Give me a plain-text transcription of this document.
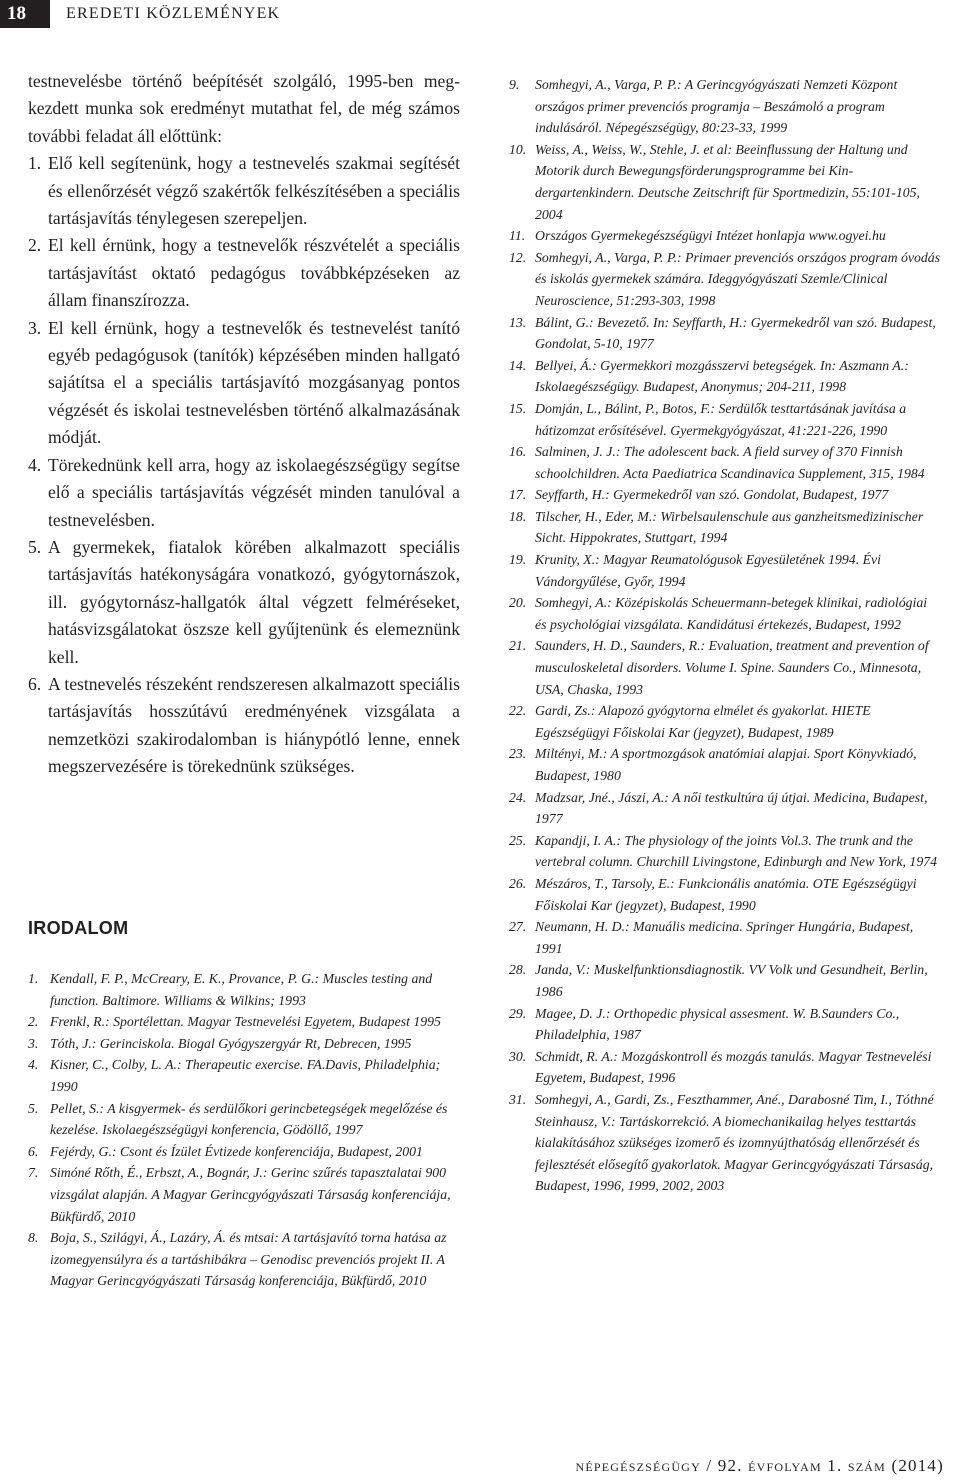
18	EREDETI KÖZLEMÉNYEK

testnevelésbe történő beépítését szolgáló, 1995-ben megkezdett munka sok eredményt mutathat fel, de még számos további feladat áll előttünk:

1. Elő kell segítenünk, hogy a testnevelés szakmai segítését és ellenőrzését végző szakértők felkészítésében a speciális tartásjavítás ténylegesen szerepeljen.
2. El kell érnünk, hogy a testnevelők részvételét a speciális tartásjavítást oktató pedagógus továbbképzéseken az állam finanszírozza.
3. El kell érnünk, hogy a testnevelők és testnevelést tanító egyéb pedagógusok (tanítók) képzésében minden hallgató sajátítsa el a speciális tartásjavító mozgásanyag pontos végzését és iskolai testnevelésben történő alkalmazásának módját.
4. Törekednünk kell arra, hogy az iskolaegészségügy segítse elő a speciális tartásjavítás végzését minden tanulóval a testnevelésben.
5. A gyermekek, fiatalok körében alkalmazott speciális tartásjavítás hatékonyságára vonatkozó, gyógytornászok, ill. gyógytornász-hallgatók által végzett felméréseket, hatásvizsgálatokat öszsze kell gyűjtenünk és elemeznünk kell.
6. A testnevelés részeként rendszeresen alkalmazott speciális tartásjavítás hosszútávú eredményének vizsgálata a nemzetközi szakirodalomban is hiánypótló lenne, ennek megszervezésére is törekednünk szükséges.
IRODALOM
1. Kendall, F. P., McCreary, E. K., Provance, P. G.: Muscles testing and function. Baltimore. Williams & Wilkins; 1993
2. Frenkl, R.: Sportélettan. Magyar Testnevelési Egyetem, Budapest 1995
3. Tóth, J.: Gerinciskola. Biogal Gyógyszergyár Rt, Debrecen, 1995
4. Kisner, C., Colby, L. A.: Therapeutic exercise. FA.Davis, Philadelphia; 1990
5. Pellet, S.: A kisgyermek- és serdülőkori gerincbetegségek megelőzése és kezelése. Iskolaegészségügyi konferencia, Gödöllő, 1997
6. Fejérdy, G.: Csont és Ízület Évtizede konferenciája, Budapest, 2001
7. Simóné Rőth, É., Erbszt, A., Bognár, J.: Gerinc szűrés tapasztalatai 900 vizsgálat alapján. A Magyar Gerincgyógyászati Társaság konferenciája, Bükfürdő, 2010
8. Boja, S., Szilágyi, Á., Lazáry, Á. és mtsai: A tartásjavító torna hatása az izomegyensúlyra és a tartáshibákra – Genodisc prevenciós projekt II. A Magyar Gerincgyógyászati Társaság konferenciája, Bükfürdő, 2010
9. Somhegyi, A., Varga, P. P.: A Gerincgyógyászati Nemzeti Központ országos primer prevenciós programja – Beszámoló a program indulásáról. Népegészségügy, 80:23-33, 1999
10. Weiss, A., Weiss, W., Stehle, J. et al: Beeinflussung der Haltung und Motorik durch Bewegungsförderungsprogramme bei Kindergartenkindern. Deutsche Zeitschrift für Sportmedizin, 55:101-105, 2004
11. Országos Gyermekegészségügyi Intézet honlapja www.ogyei.hu
12. Somhegyi, A., Varga, P. P.: Primaer prevenciós országos program óvodás és iskolás gyermekek számára. Ideggyógyászati Szemle/Clinical Neuroscience, 51:293-303, 1998
13. Bálint, G.: Bevezető. In: Seyffarth, H.: Gyermekedről van szó. Budapest, Gondolat, 5-10, 1977
14. Bellyei, Á.: Gyermekkori mozgásszervi betegségek. In: Aszmann A.: Iskolaegészségügy. Budapest, Anonymus; 204-211, 1998
15. Domján, L., Bálint, P., Botos, F.: Serdülők testtartásának javítása a hátizomzat erősítésével. Gyermekgyógyászat, 41:221-226, 1990
16. Salminen, J. J.: The adolescent back. A field survey of 370 Finnish schoolchildren. Acta Paediatrica Scandinavica Supplement, 315, 1984
17. Seyffarth, H.: Gyermekedről van szó. Gondolat, Budapest, 1977
18. Tilscher, H., Eder, M.: Wirbelsaulenschule aus ganzheitsmedizinischer Sicht. Hippokrates, Stuttgart, 1994
19. Krunity, X.: Magyar Reumatológusok Egyesületének 1994. Évi Vándorgyűlése, Győr, 1994
20. Somhegyi, A.: Középiskolás Scheuermann-betegek klinikai, radiológiai és psychológiai vizsgálata. Kandidátusi értekezés, Budapest, 1992
21. Saunders, H. D., Saunders, R.: Evaluation, treatment and prevention of musculoskeletal disorders. Volume I. Spine. Saunders Co., Minnesota, USA, Chaska, 1993
22. Gardi, Zs.: Alapozó gyógytorna elmélet és gyakorlat. HIETE Egészségügyi Főiskolai Kar (jegyzet), Budapest, 1989
23. Miltényi, M.: A sportmozgások anatómiai alapjai. Sport Könyvkiadó, Budapest, 1980
24. Madzsar, Jné., Jászi, A.: A női testkultúra új útjai. Medicina, Budapest, 1977
25. Kapandji, I. A.: The physiology of the joints Vol.3. The trunk and the vertebral column. Churchill Livingstone, Edinburgh and New York, 1974
26. Mészáros, T., Tarsoly, E.: Funkcionális anatómia. OTE Egészségügyi Főiskolai Kar (jegyzet), Budapest, 1990
27. Neumann, H. D.: Manuális medicina. Springer Hungária, Budapest, 1991
28. Janda, V.: Muskelfunktionsdiagnostik. VV Volk und Gesundheit, Berlin, 1986
29. Magee, D. J.: Orthopedic physical assesment. W. B.Saunders Co., Philadelphia, 1987
30. Schmidt, R. A.: Mozgáskontroll és mozgás tanulás. Magyar Testnevelési Egyetem, Budapest, 1996
31. Somhegyi, A., Gardi, Zs., Feszthammer, Ané., Darabosné Tim, I., Tóthné Steinhausz, V.: Tartáskorrekció. A biomechanikailag helyes testtartás kialakításához szükséges izomerő és izomnyújthatóság ellenőrzését és fejlesztését elősegítő gyakorlatok. Magyar Gerincgyógyászati Társaság, Budapest, 1996, 1999, 2002, 2003
népegészségügy / 92. évfolyam 1. szám (2014)
